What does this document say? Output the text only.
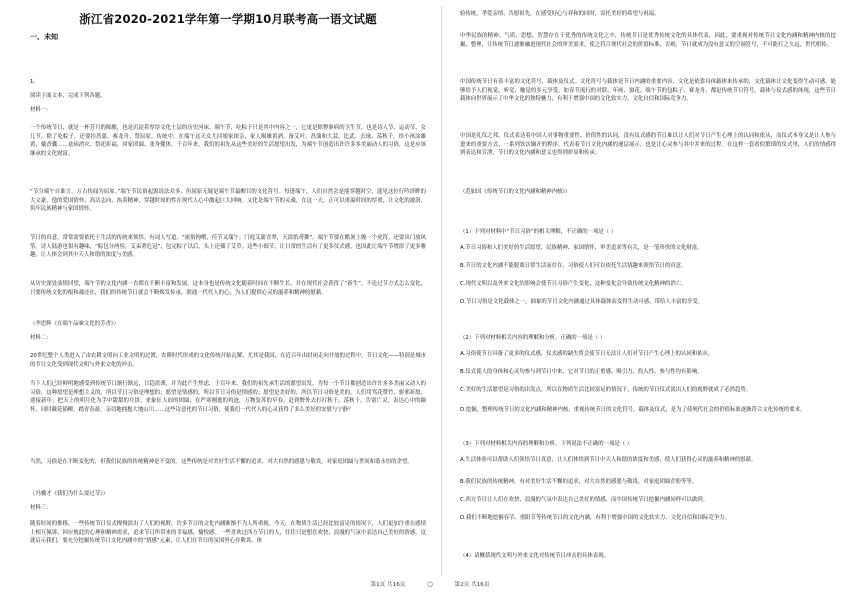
浙江省2020-2021学年第一学期10月联考高一语文试题
一、未知

1.

阅读下面文本，完成下列各题。

材料一：

一个传统节日，就是一杯芳月的陈酿，也是沉淀着厚厚文化土层的历史河床。端午节，吃粽子只是其中内容之一，它更是除秽驱病的卫生节，也是诗人节、运动节、女儿节，除了吃粽子，还要挂菖蒲、赛龙舟、祭屈原。传统中，在端午这天女儿回娘家探亲，家人喝雄黄酒，备艾叶、菖蒲和大蒜，比武、击球、荡秋千，给小孩涂雄黄、戴香囊……祛病消灾、祭祀祈福、回家团圆、张身健体，千百年来，我们的祖先从这些美好的生活愿望出发，为端午节创造出许许多多美丽动人的习俗，这是应该继承的文化财富。

“节分端午自谁言，万古传闻为屈原。”端午节民俗起源说法众多，但屈原无疑是端午节最醒目的文化符号。每逢端午，人们自然会是能穿越时空，遥见这位行吟泽畔的大文豪，他的爱国情怀、高洁志向、执着精神，穿越时间的性在现代人心中激起巨大回响。文化是端午节的灵魂，在这一天，正可以重温时间的厚重，让文化的滋润，筑牢民族精神与家国情怀。

节日的真意，常常需要依托于生活的传统来领悟。有词人写道，“流俗徇嗜，佳节又端午。门庭艾蒲青翠，天淡纸鸢舞”。端午节要在酷暑上缠一个虎符，还要出门放风筝。诗人陆游也很有趣味，“粽包分两髻，艾束著危冠”，包完粽子以后，头上还插了艾草。这些小细节，让日常的生活有了更多仪式感，也因此让端午节增添了更多雅趣，让人体会到其中天人和谐的浓度与美感。

从历史深处演情回望，端午节的文化内涵一直都在不断丰富和发展。这本身也是传统文化随着时间在不断生长，并在现代社会获得了“新生”。不论过节方式怎么变化，只要传统文化的根和魂还在，我们的传统节日就会不断焕发传承，联通一代代人的心，为人们提供心灵的滋养和精神的慰藉。

（李思辉《在端午品味文化的芳香》）

材料二：

20世纪整个人类进入了由农耕文明向工业文明的过渡，农耕时代形成的文化传统开始瓦解，尤其是我国，在近百年由封闭走向开放的过程中，节日文化——特别是城市的节日文化受到现代文明与外来文化的冲击。

当下人们已经鲜明地感受到传统节日渐行渐远，日趋淡薄，并为此产生焦虑，于百年来，我们的祖先承生活的愿望出发，为每一个节日都创造出许许多多美丽又动人的习俗，这种愿望是理想主义的，所以节日习俗是理想的；愿望是情感的，所以节日习俗是情感的；愿望是美好的，所以节日习俗是美的。人们用骂花赞竹，驱邪祈愿，迎接新年；把天上的明月化为手中甜甜的月饼，来象征人间的团圆；在严寒刚逝的鸡迹，万物复苏的早春，赶到野外去打打秋千、荡秋千，告别亡灵，表达心中的缅怀，同时戴花插柳，踏青春游，亲切地拥抱大地山川……这些诗意化的节日习俗，使我们一代代人的心灵获得了多么美好的安慰与宁静？

当然，习俗是在不断变化的，但我们民族的传统精神是不变的。这些传统是对美好生活不懈的追求，对大自然的感恩与敬畏，对家庭团圆与世间和谐永恒的企望。

（冯骥才《我们为什么要过节》）

材料三：

随着时间的推移，一些传统节日仪式慢慢淡出了人们的视野，许多节日的文化内涵渐渐不为人所重视。今天，在物质生活已经比较富足的情况下，人们更加注重在感情上相互倾诉、回应彼此的心理和精神需求，追求节日所带来的幸福感、愉悦感。一些喜欢过西方节日的人，往往只是想在欢快、浪漫的气氛中表达自己美好的情感，这就启示我们，要充分挖掘传统节日文化内涵中的“情感”元素，让人们在节日的氛围里心存敬畏、体

验传统，孝爱亲情、告慰祖先，在感受好心与祥和的同时，寄托美好的希望与祝福。

中华民族的精神、气质、思想，智慧存在于优秀的传统文化之中，传统节日是优秀传统文化的具体代表，因此，要重视对传统节日文化内涵和精神内核的挖掘、整理，让传统节日逐渐融进现代社会的审美需求，使之符合现代社会的价值标准，否则，节日就成为没有意义的空洞符号，不可能打之久远，世代相传。

中国传统节日有着丰富的文化符号，载体及仪式。文化符号与载体是节日内涵的重要内容，文化是依靠具体载体来传承的，文化载体让文化变得生动可感，能够给予人们视觉、听觉、触觉的多元享受，如春节流行的对联、年画、窗花，端午节的包粽子、赛龙舟，都是传统节日符号，载体与仪式感的体现，这些节日载体向世界展示了中华文化的独特魅力，有利于增强中国的文化软实力、文化自信和国际竞争力。

中国是礼仪之邦，仪式表达着中国人对事物重要性、价值性的认同，没有仪式感的节日难以让人们对节日产生心理上的认同和依从，而仪式本身又是让人参与进来的重要方式。一系列饮次娴开的程序，代表着节日文化内涵的递层展示，也是让心灵参与其中并来的过程。在这样一套看似繁琐的仪式里，人们的情感得到表达和宣泄，节日的文化内涵和意义也得到彰显和传承。

（范如国《传统节日的文化内涵和精神内核》）

（1）下列对材料中“节日习俗”的相关理解，不正确的一项是（ ）

A.节日习俗和人们美好的生活愿望、民族精神、家国情怀、审美追求等有关，是一笔珍贵的文化财富。

B.节日的文化内涵不能脱离日常生活而存在，习俗使人们可以依托生活情趣来领悟节日的真意。

C.现代文明以及外来文化的影响会使节日习俗产生变化，这种变化会导致传统文化精神的消亡。

D.节日习俗是文化载体之一，抽象的节日文化内涵通过具体载体而变得生动可感，带给人丰富的享受。

（2）下列对材料相关内容的理解和分析，正确的一项是（ ）

A.习俗使节日具备了更多的仪式感，仪式感的缺失将会使节日无法让人们对节日产生心理上的认同和依从。

B.仪式使人的身体和心灵均参与到节日中来，它对节日的正重感、吸引力、投入性、参与性均有影响。

C.美好的生活愿望是习俗的出发点，所以在物质生活比较富足的情况下，传统的节日仪式淡出人们的视野就成了必然趋势。

D.挖掘、整理传统节日的文化内涵和精神内核，重视传统节日的文化符号，载体及仪式，是为了使现代社会的价值标准逐渐符合文化传统的要求。

（3）下列对材料相关内容的理解和分析，下列说法不正确的一项是（ ）

A.生活体验可以帮助人们领悟节日真意，让人们体悟到节日中天人和谐的浓度和美感，使人们获得心灵的滋养和精神的慰藉。

B.我们民族的传统精神，有对美好生活不懈的追求，对大自然的感恩与敬畏，对家庭团圆企盼等等。

C.西方节日让人们在欢快、浪漫的气氛中表达自己美好的情感，而中国传统节日挖掘内涵同样可以做到。

D.我们不断地挖掘春节、重阳节等传统节日的文化内涵，有利于增强中国的文化软实力、文化自信和国际竞争力。

（4）请概括现代文明与外来文化对传统节日冲击的具体表现。

第1页 共16页	○	第2页 共16页
